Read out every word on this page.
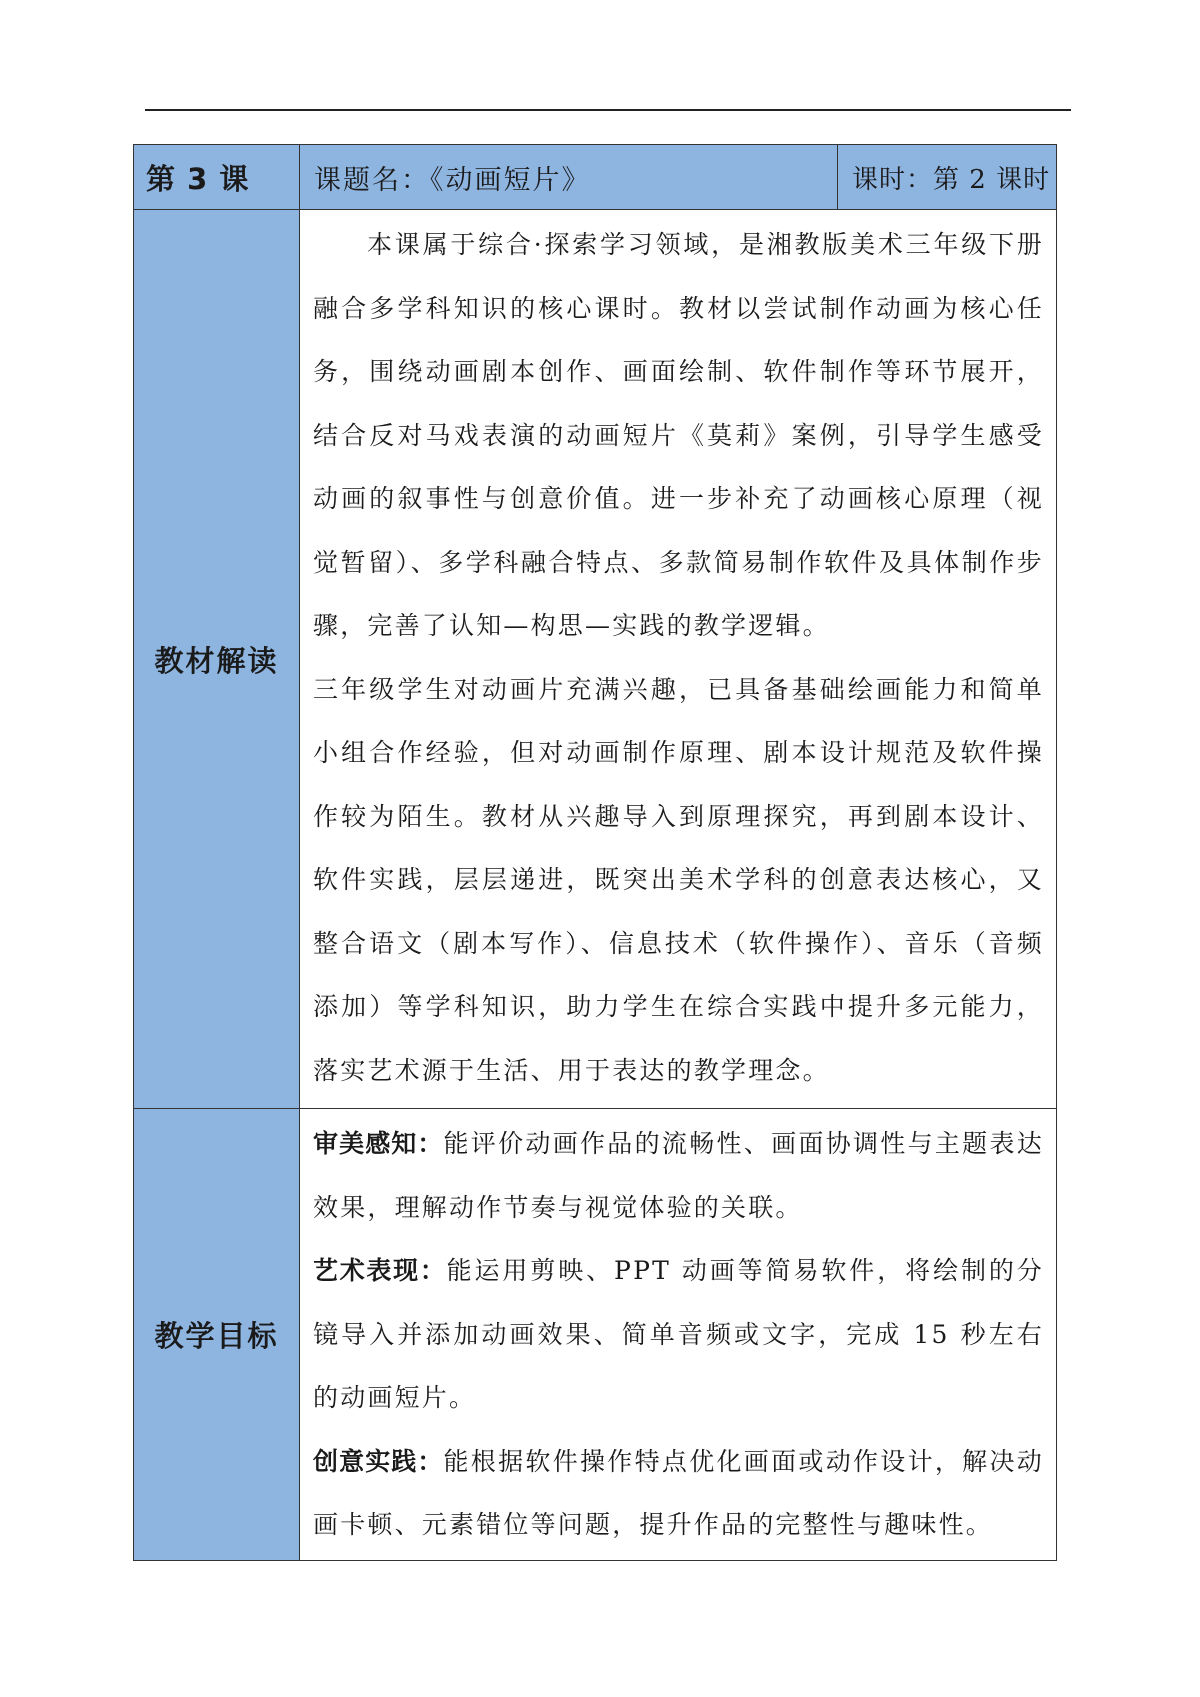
第 3 课	课题名：《动画短片》	课时：第 2 课时
教材解读	本课属于综合·探索学习领域，是湘教版美术三年级下册融合多学科知识的核心课时。教材以尝试制作动画为核心任务，围绕动画剧本创作、画面绘制、软件制作等环节展开，结合反对马戏表演的动画短片《莫莉》案例，引导学生感受动画的叙事性与创意价值。进一步补充了动画核心原理（视觉暂留）、多学科融合特点、多款简易制作软件及具体制作步骤，完善了认知—构思—实践的教学逻辑。

三年级学生对动画片充满兴趣，已具备基础绘画能力和简单小组合作经验，但对动画制作原理、剧本设计规范及软件操作较为陌生。教材从兴趣导入到原理探究，再到剧本设计、软件实践，层层递进，既突出美术学科的创意表达核心，又整合语文（剧本写作）、信息技术（软件操作）、音乐（音频添加）等学科知识，助力学生在综合实践中提升多元能力，落实艺术源于生活、用于表达的教学理念。	

教学目标	审美感知：能评价动画作品的流畅性、画面协调性与主题表达效果，理解动作节奏与视觉体验的关联。

艺术表现：能运用剪映、PPT 动画等简易软件，将绘制的分镜导入并添加动画效果、简单音频或文字，完成 15 秒左右的动画短片。

创意实践：能根据软件操作特点优化画面或动作设计，解决动画卡顿、元素错位等问题，提升作品的完整性与趣味性。	
